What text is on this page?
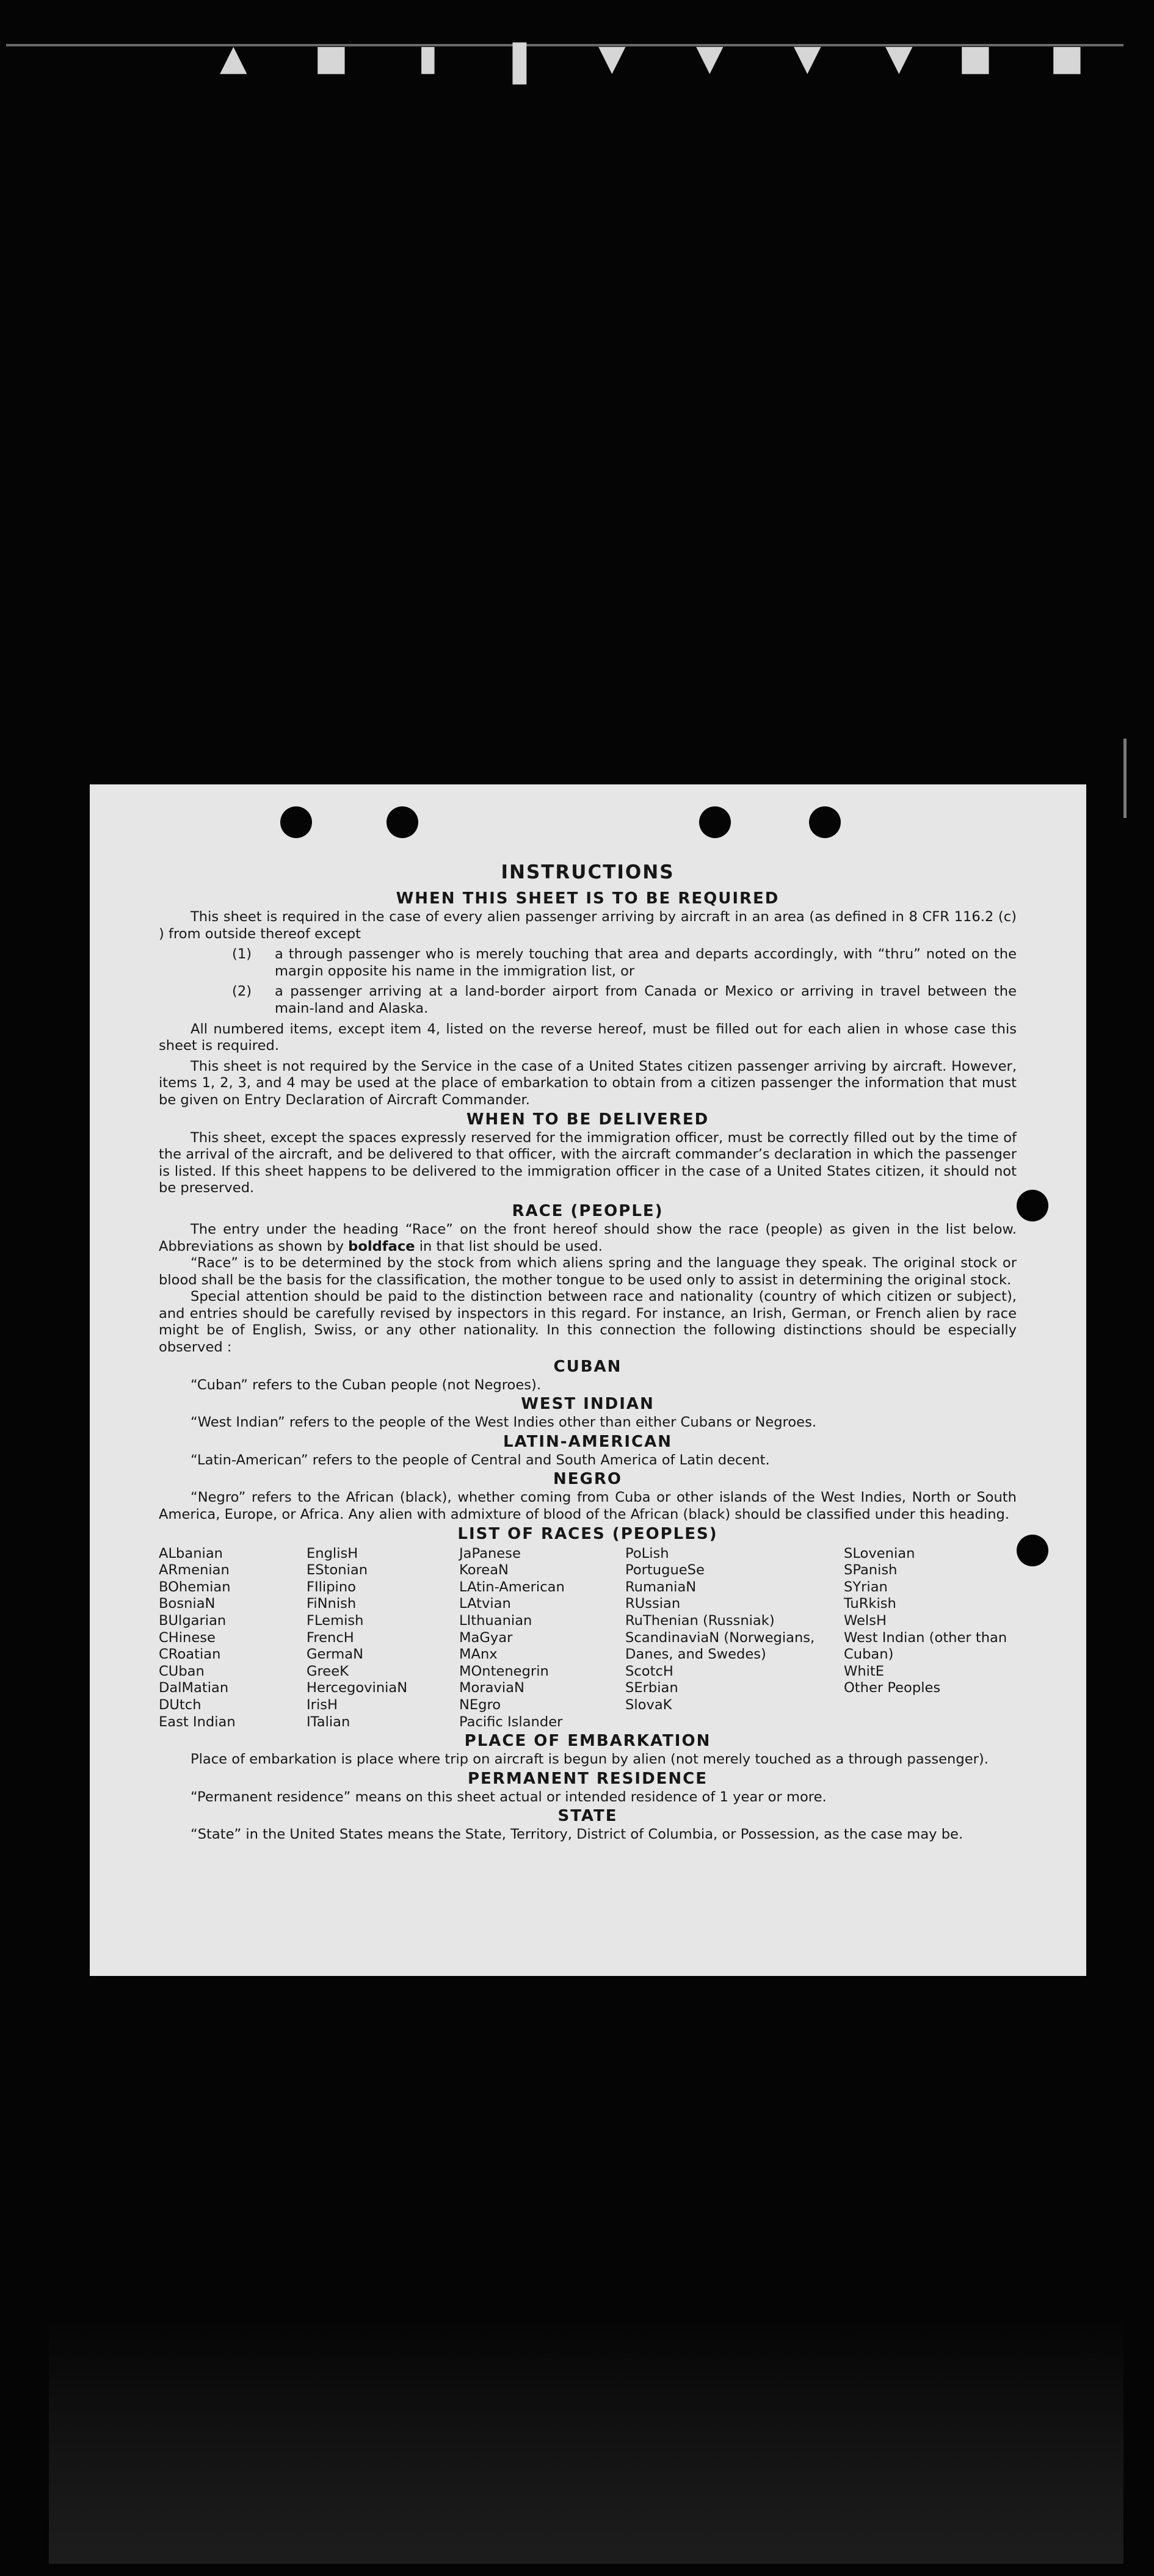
▼ ■ ▮ ▌ ▲ ▲ ▲ ▲ ■ ■
INSTRUCTIONS
WHEN THIS SHEET IS TO BE REQUIRED

This sheet is required in the case of every alien passenger arriving by aircraft in an area (as defined in 8 CFR 116.2 (c) ) from outside thereof except

(1)	a through passenger who is merely touching that area and departs accordingly, with “thru” noted on the margin opposite his name in the immigration list, or
(2)	a passenger arriving at a land-border airport from Canada or Mexico or arriving in travel between the main-land and Alaska.

All numbered items, except item 4, listed on the reverse hereof, must be filled out for each alien in whose case this sheet is required.

This sheet is not required by the Service in the case of a United States citizen passenger arriving by aircraft. However, items 1, 2, 3, and 4 may be used at the place of embarkation to obtain from a citizen passenger the information that must be given on Entry Declaration of Aircraft Commander.

WHEN TO BE DELIVERED

This sheet, except the spaces expressly reserved for the immigration officer, must be correctly filled out by the time of the arrival of the aircraft, and be delivered to that officer, with the aircraft commander’s declaration in which the passenger is listed. If this sheet happens to be delivered to the immigration officer in the case of a United States citizen, it should not be preserved.

RACE (PEOPLE)

The entry under the heading “Race” on the front hereof should show the race (people) as given in the list below. Abbreviations as shown by boldface in that list should be used.

“Race” is to be determined by the stock from which aliens spring and the language they speak. The original stock or blood shall be the basis for the classification, the mother tongue to be used only to assist in determining the original stock.

Special attention should be paid to the distinction between race and nationality (country of which citizen or subject), and entries should be carefully revised by inspectors in this regard. For instance, an Irish, German, or French alien by race might be of English, Swiss, or any other nationality. In this connection the following distinctions should be especially observed :

CUBAN

“Cuban” refers to the Cuban people (not Negroes).

WEST INDIAN

“West Indian” refers to the people of the West Indies other than either Cubans or Negroes.

LATIN-AMERICAN

“Latin-American” refers to the people of Central and South America of Latin decent.

NEGRO

“Negro” refers to the African (black), whether coming from Cuba or other islands of the West Indies, North or South America, Europe, or Africa. Any alien with admixture of blood of the African (black) should be classified under this heading.

LIST OF RACES (PEOPLES)
ALbanian
ARmenian
BOhemian
BosniaN
BUlgarian
CHinese
CRoatian
CUban
DalMatian
DUtch
East Indian
EnglisH
EStonian
FIlipino
FiNnish
FLemish
FrencH
GermaN
GreeK
HercegoviniaN
IrisH
ITalian
JaPanese
KoreaN
LAtin-American
LAtvian
LIthuanian
MaGyar
MAnx
MOntenegrin
MoraviaN
NEgro
Pacific Islander
PoLish
PortugueSe
RumaniaN
RUssian
RuThenian (Russniak)
ScandinaviaN (Norwegians, Danes, and Swedes)
ScotcH
SErbian
SlovaK
SLovenian
SPanish
SYrian
TuRkish
WelsH
West Indian (other than Cuban)
WhitE
Other Peoples
PLACE OF EMBARKATION

Place of embarkation is place where trip on aircraft is begun by alien (not merely touched as a through passenger).

PERMANENT RESIDENCE

“Permanent residence” means on this sheet actual or intended residence of 1 year or more.

STATE

“State” in the United States means the State, Territory, District of Columbia, or Possession, as the case may be.
